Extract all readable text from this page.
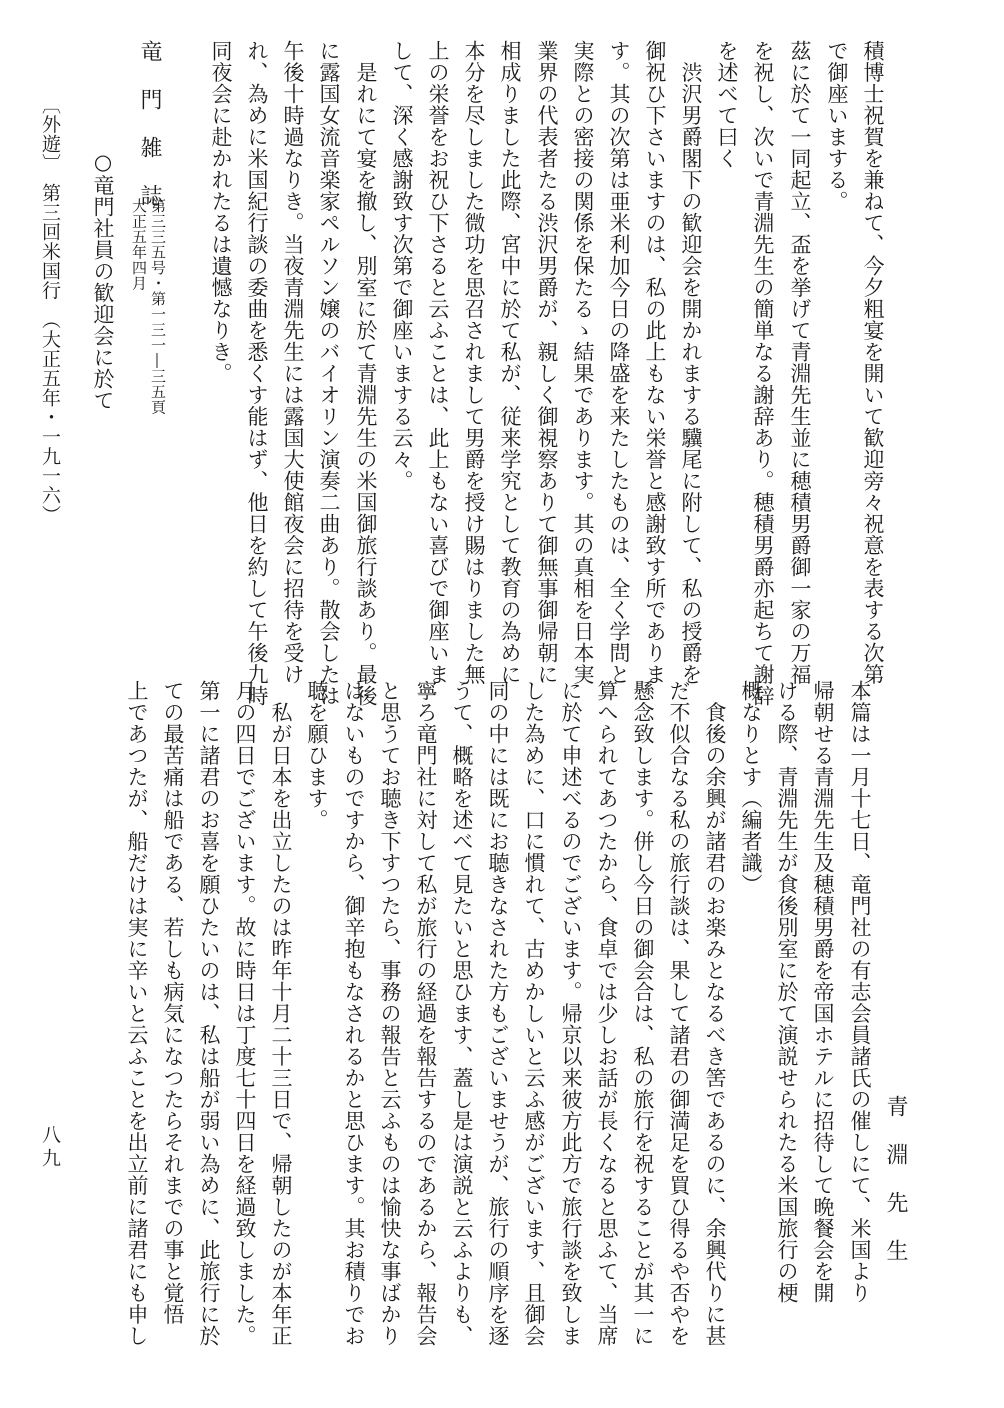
積博士祝賀を兼ねて、今夕粗宴を開いて歓迎旁々祝意を表する次第
で御座いまする。
茲に於て一同起立、盃を挙げて青淵先生並に穂積男爵御一家の万福
を祝し、次いで青淵先生の簡単なる謝辞あり。穂積男爵亦起ちて謝辞
を述べて曰く
　渋沢男爵閣下の歓迎会を開かれまする驥尾に附して、私の授爵を
御祝ひ下さいますのは、私の此上もない栄誉と感謝致す所でありま
す。其の次第は亜米利加今日の降盛を来たしたものは、全く学問と
実際との密接の関係を保たるゝ結果であります。其の真相を日本実
業界の代表者たる渋沢男爵が、親しく御視察ありて御無事御帰朝に
相成りました此際、宮中に於て私が、従来学究として教育の為めに
本分を尽しました微功を思召されまして男爵を授け賜はりました無
上の栄誉をお祝ひ下さると云ふことは、此上もない喜びで御座いま
して、深く感謝致す次第で御座いまする云々。
　是れにて宴を撤し、別室に於て青淵先生の米国御旅行談あり。最後
に露国女流音楽家ペルソン嬢のバイオリン演奏二曲あり。散会したは
午後十時過なりき。当夜青淵先生には露国大使館夜会に招待を受け
れ、為めに米国紀行談の委曲を悉くす能はず、他日を約して午後九時
同夜会に赴かれたるは遺憾なりき。
竜門雑誌
第三三五号・第一三一―三五頁
大正五年四月
○竜門社員の歓迎会に於て
〔外遊〕　第三回米国行　（大正五年・一九一六）
青淵先生
本篇は一月十七日、竜門社の有志会員諸氏の催しにて、米国より
帰朝せる青淵先生及穂積男爵を帝国ホテルに招待して晩餐会を開
ける際、青淵先生が食後別室に於て演説せられたる米国旅行の梗
概なりとす（編者識）
　食後の余興が諸君のお楽みとなるべき筈であるのに、余興代りに甚
だ不似合なる私の旅行談は、果して諸君の御満足を買ひ得るや否やを
懸念致します。併し今日の御会合は、私の旅行を祝することが其一に
算へられてあつたから、食卓では少しお話が長くなると思ふて、当席
に於て申述べるのでございます。帰京以来彼方此方で旅行談を致しま
した為めに、口に慣れて、古めかしいと云ふ感がございます、且御会
同の中には既にお聴きなされた方もございませうが、旅行の順序を逐
うて、概略を述べて見たいと思ひます、蓋し是は演説と云ふよりも、
寧ろ竜門社に対して私が旅行の経過を報告するのであるから、報告会
と思うてお聴き下すつたら、事務の報告と云ふものは愉快な事ばかり
はないものですから、御辛抱もなされるかと思ひます。其お積りでお
聴を願ひます。
　私が日本を出立したのは昨年十月二十三日で、帰朝したのが本年正
月の四日でございます。故に時日は丁度七十四日を経過致しました。
第一に諸君のお喜を願ひたいのは、私は船が弱い為めに、此旅行に於
ての最苦痛は船である、若しも病気になつたらそれまでの事と覚悟
上であつたが、船だけは実に辛いと云ふことを出立前に諸君にも申し
八九
